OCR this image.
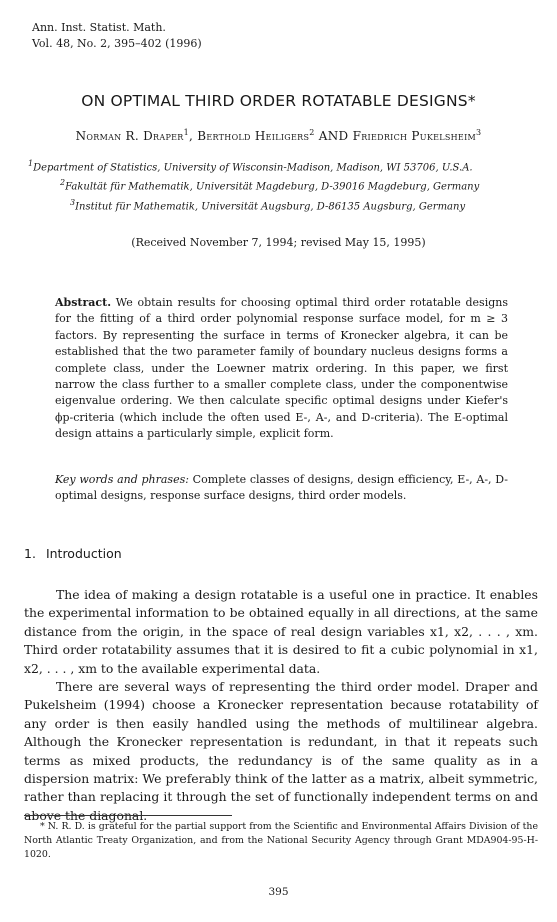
Ann. Inst. Statist. Math.
Vol. 48, No. 2, 395–402 (1996)
ON OPTIMAL THIRD ORDER ROTATABLE DESIGNS*
Norman R. Draper$^1$, Berthold Heiligers$^2$ AND Friedrich Pukelsheim$^3$
$^1$Department of Statistics, University of Wisconsin-Madison, Madison, WI 53706, U.S.A.
$^2$Fakultät für Mathematik, Universität Magdeburg, D-39016 Magdeburg, Germany
$^3$Institut für Mathematik, Universität Augsburg, D-86135 Augsburg, Germany
(Received November 7, 1994; revised May 15, 1995)
Abstract. We obtain results for choosing optimal third order rotatable designs for the fitting of a third order polynomial response surface model, for m ≥ 3 factors. By representing the surface in terms of Kronecker algebra, it can be established that the two parameter family of boundary nucleus designs forms a complete class, under the Loewner matrix ordering. In this paper, we first narrow the class further to a smaller complete class, under the componentwise eigenvalue ordering. We then calculate specific optimal designs under Kiefer's ϕp-criteria (which include the often used E-, A-, and D-criteria). The E-optimal design attains a particularly simple, explicit form.
Key words and phrases: Complete classes of designs, design efficiency, E-, A-, D-optimal designs, response surface designs, third order models.
1. Introduction

The idea of making a design rotatable is a useful one in practice. It enables the experimental information to be obtained equally in all directions, at the same distance from the origin, in the space of real design variables x1, x2, . . . , xm. Third order rotatability assumes that it is desired to fit a cubic polynomial in x1, x2, . . . , xm to the available experimental data.

There are several ways of representing the third order model. Draper and Pukelsheim (1994) choose a Kronecker representation because rotatability of any order is then easily handled using the methods of multilinear algebra. Although the Kronecker representation is redundant, in that it repeats such terms as mixed products, the redundancy is of the same quality as in a dispersion matrix: We preferably think of the latter as a matrix, albeit symmetric, rather than replacing it through the set of functionally independent terms on and above the diagonal.

* N. R. D. is grateful for the partial support from the Scientific and Environmental Affairs Division of the North Atlantic Treaty Organization, and from the National Security Agency through Grant MDA904-95-H-1020.

395
